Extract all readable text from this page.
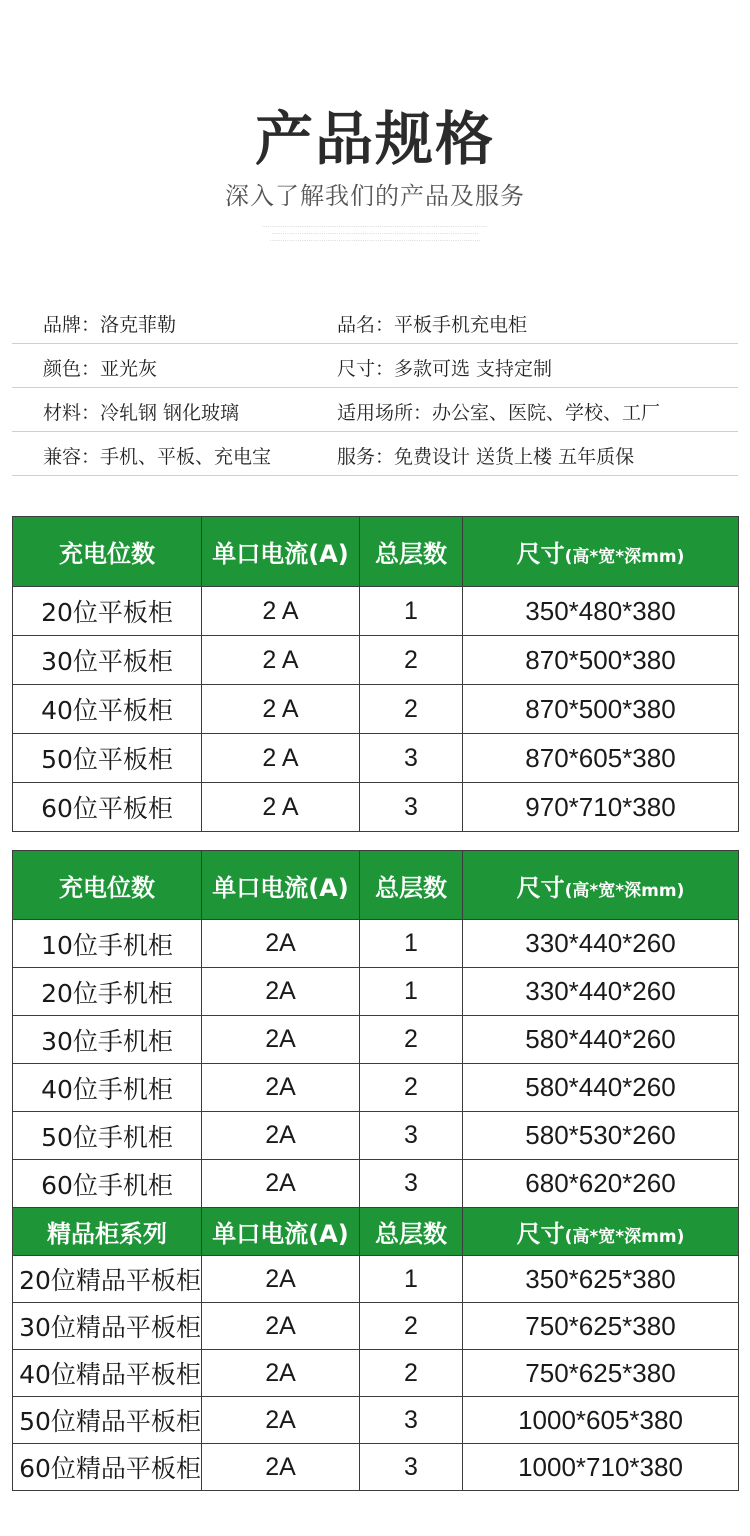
产品规格
深入了解我们的产品及服务
·························································································································
···············································································································
·················································································································
品牌：洛克菲勒	品名：平板手机充电柜
颜色：亚光灰	尺寸：多款可选 支持定制
材料：冷轧钢 钢化玻璃	适用场所：办公室、医院、学校、工厂
兼容：手机、平板、充电宝	服务：免费设计 送货上楼 五年质保
充电位数	单口电流(A)	总层数	尺寸(高*宽*深mm)
20位平板柜	2 A	1	350*480*380
30位平板柜	2 A	2	870*500*380
40位平板柜	2 A	2	870*500*380
50位平板柜	2 A	3	870*605*380
60位平板柜	2 A	3	970*710*380
充电位数	单口电流(A)	总层数	尺寸(高*宽*深mm)
10位手机柜	2A	1	330*440*260
20位手机柜	2A	1	330*440*260
30位手机柜	2A	2	580*440*260
40位手机柜	2A	2	580*440*260
50位手机柜	2A	3	580*530*260
60位手机柜	2A	3	680*620*260
精品柜系列	单口电流(A)	总层数	尺寸(高*宽*深mm)
20位精品平板柜	2A	1	350*625*380
30位精品平板柜	2A	2	750*625*380
40位精品平板柜	2A	2	750*625*380
50位精品平板柜	2A	3	1000*605*380
60位精品平板柜	2A	3	1000*710*380
